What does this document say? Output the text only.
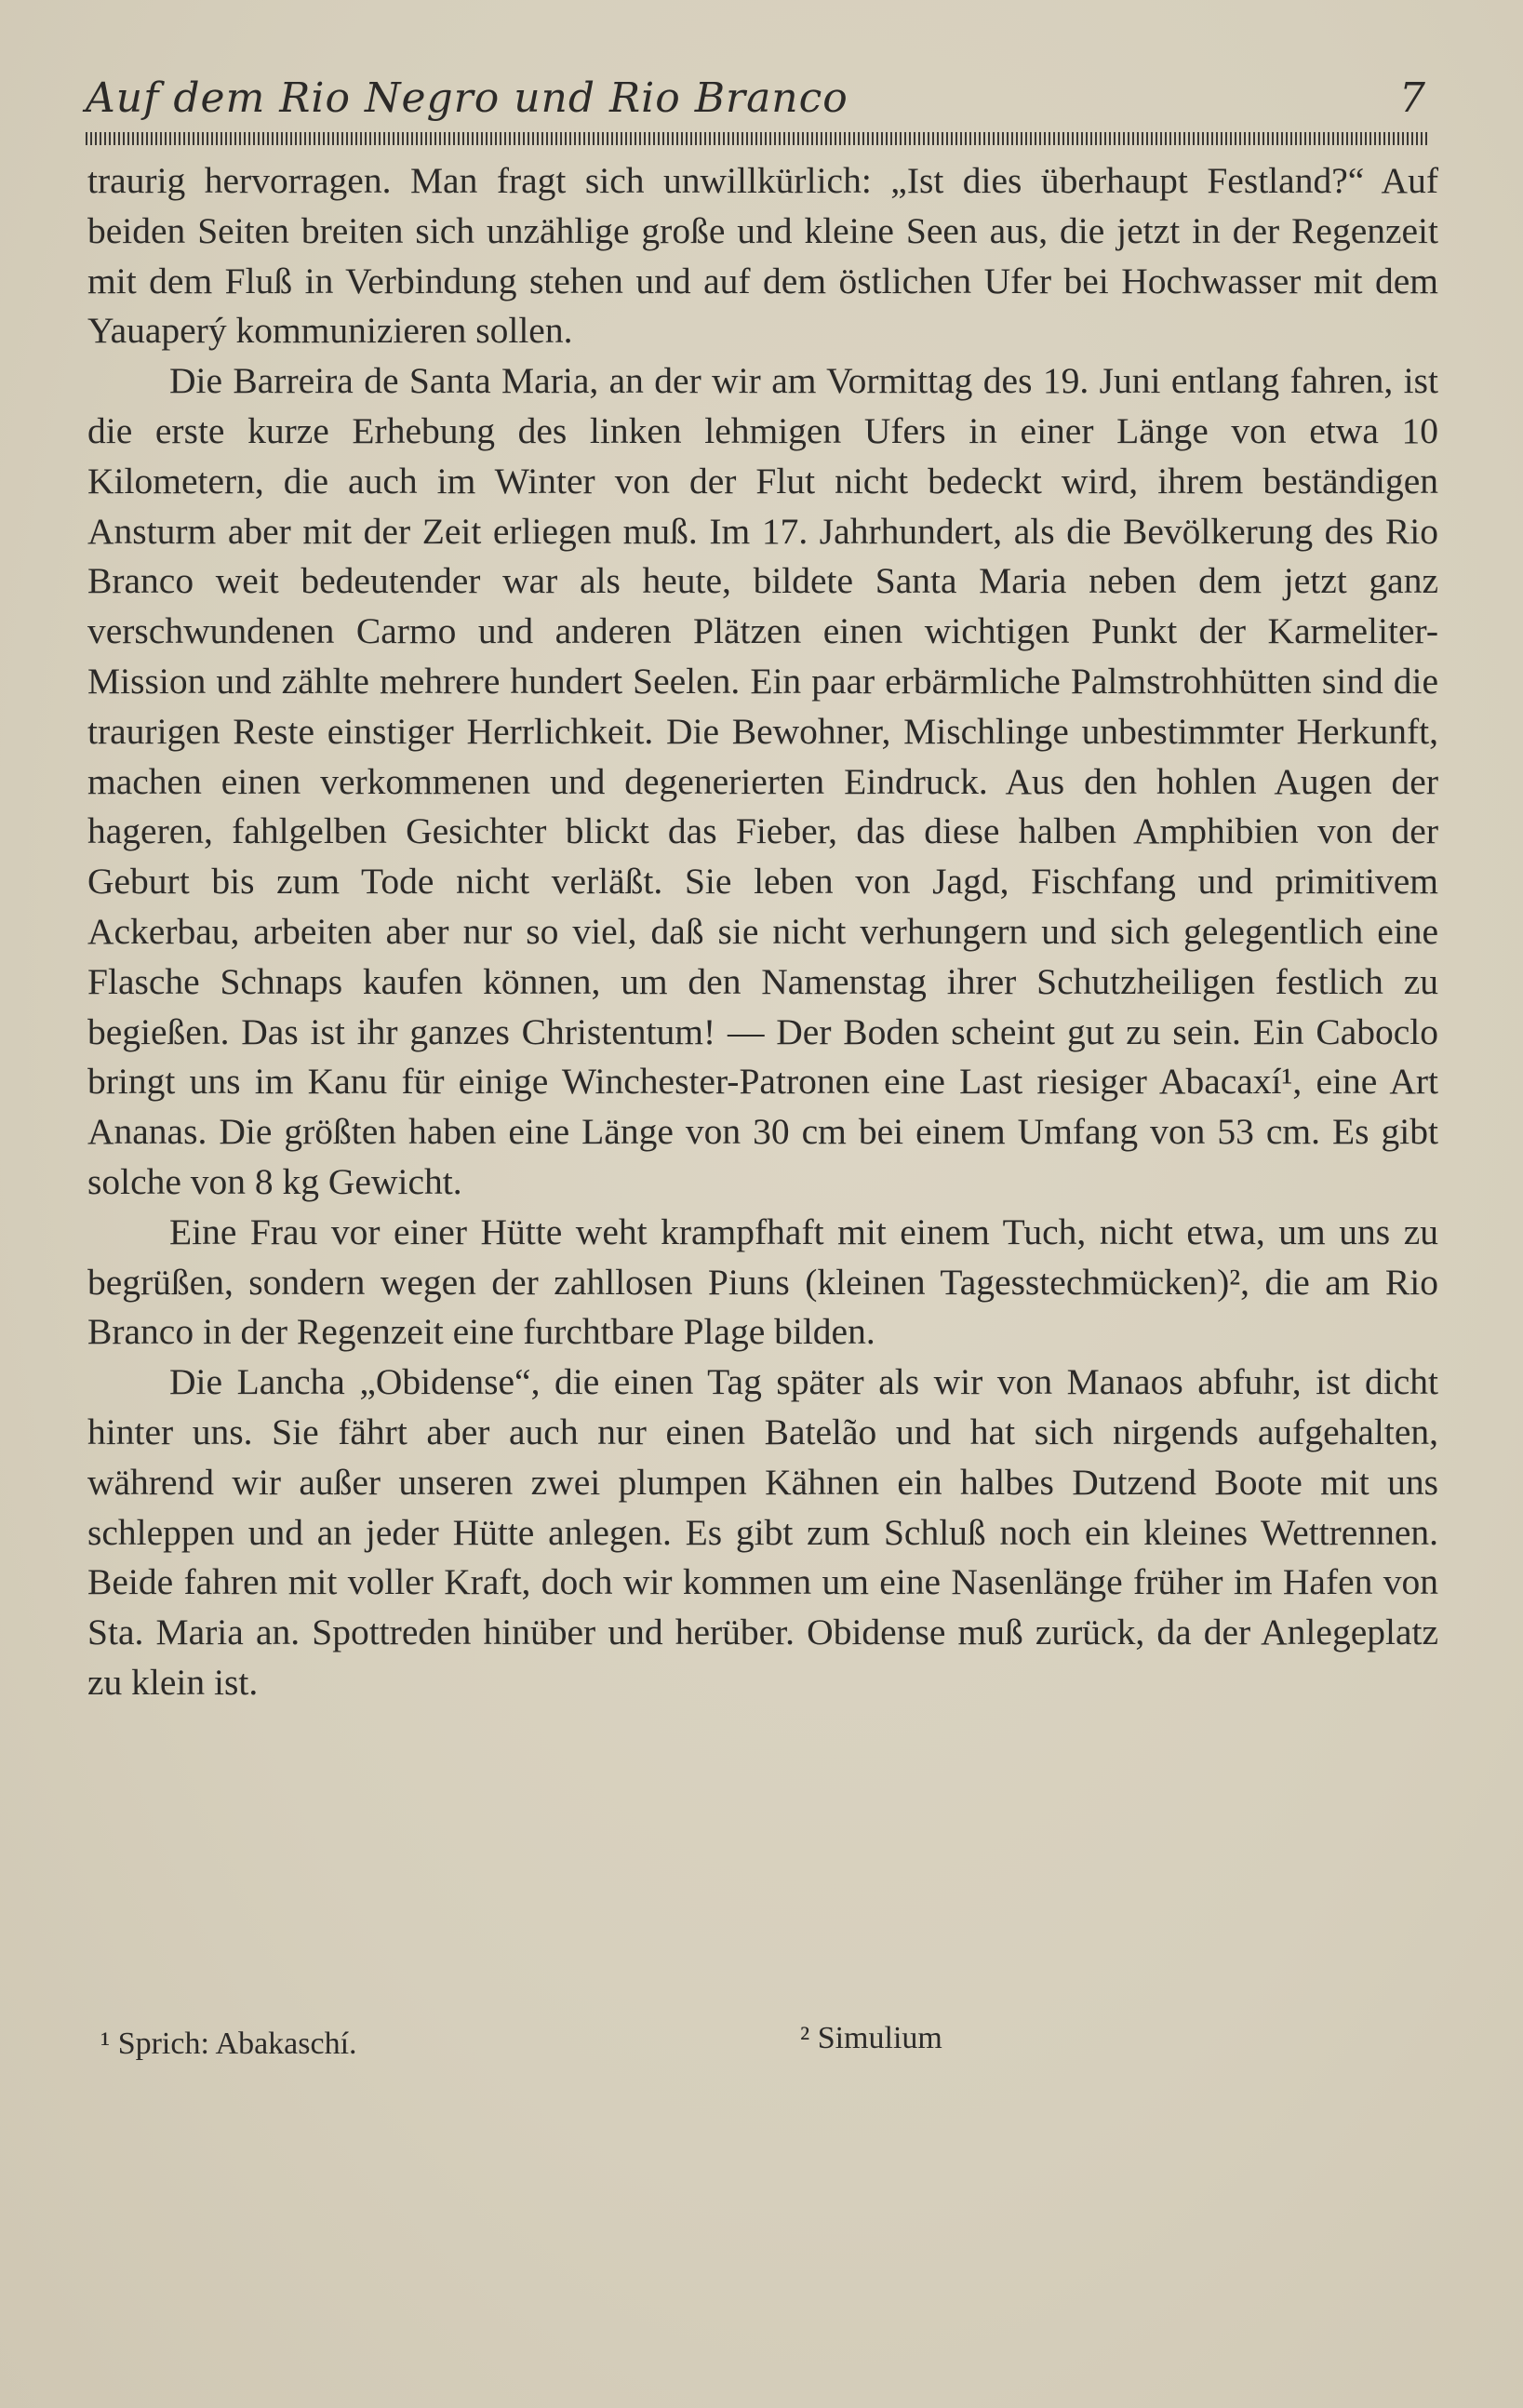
Auf dem Rio Negro und Rio Branco	7

traurig hervorragen. Man fragt sich unwillkürlich: „Ist dies überhaupt Festland?“ Auf beiden Seiten breiten sich unzählige große und kleine Seen aus, die jetzt in der Regenzeit mit dem Fluß in Verbindung stehen und auf dem östlichen Ufer bei Hochwasser mit dem Yauaperý kommunizieren sollen.

Die Barreira de Santa Maria, an der wir am Vormittag des 19. Juni entlang fahren, ist die erste kurze Erhebung des linken lehmigen Ufers in einer Länge von etwa 10 Kilometern, die auch im Winter von der Flut nicht bedeckt wird, ihrem beständigen Ansturm aber mit der Zeit erliegen muß. Im 17. Jahrhundert, als die Bevölkerung des Rio Branco weit bedeutender war als heute, bildete Santa Maria neben dem jetzt ganz verschwundenen Carmo und anderen Plätzen einen wichtigen Punkt der Karmeliter-Mission und zählte mehrere hundert Seelen. Ein paar erbärmliche Palmstrohhütten sind die traurigen Reste einstiger Herrlichkeit. Die Bewohner, Mischlinge unbestimmter Herkunft, machen einen verkommenen und degenerierten Eindruck. Aus den hohlen Augen der hageren, fahlgelben Gesichter blickt das Fieber, das diese halben Amphibien von der Geburt bis zum Tode nicht verläßt. Sie leben von Jagd, Fischfang und primitivem Ackerbau, arbeiten aber nur so viel, daß sie nicht verhungern und sich gelegentlich eine Flasche Schnaps kaufen können, um den Namenstag ihrer Schutzheiligen festlich zu begießen. Das ist ihr ganzes Christentum! — Der Boden scheint gut zu sein. Ein Caboclo bringt uns im Kanu für einige Winchester-Patronen eine Last riesiger Abacaxí¹, eine Art Ananas. Die größten haben eine Länge von 30 cm bei einem Umfang von 53 cm. Es gibt solche von 8 kg Gewicht.

Eine Frau vor einer Hütte weht krampfhaft mit einem Tuch, nicht etwa, um uns zu begrüßen, sondern wegen der zahllosen Piuns (kleinen Tagesstechmücken)², die am Rio Branco in der Regenzeit eine furchtbare Plage bilden.

Die Lancha „Obidense“, die einen Tag später als wir von Manaos abfuhr, ist dicht hinter uns. Sie fährt aber auch nur einen Batelão und hat sich nirgends aufgehalten, während wir außer unseren zwei plumpen Kähnen ein halbes Dutzend Boote mit uns schleppen und an jeder Hütte anlegen. Es gibt zum Schluß noch ein kleines Wettrennen. Beide fahren mit voller Kraft, doch wir kommen um eine Nasenlänge früher im Hafen von Sta. Maria an. Spottreden hinüber und herüber. Obidense muß zurück, da der Anlegeplatz zu klein ist.

¹ Sprich: Abakaschí.	² Simulium
